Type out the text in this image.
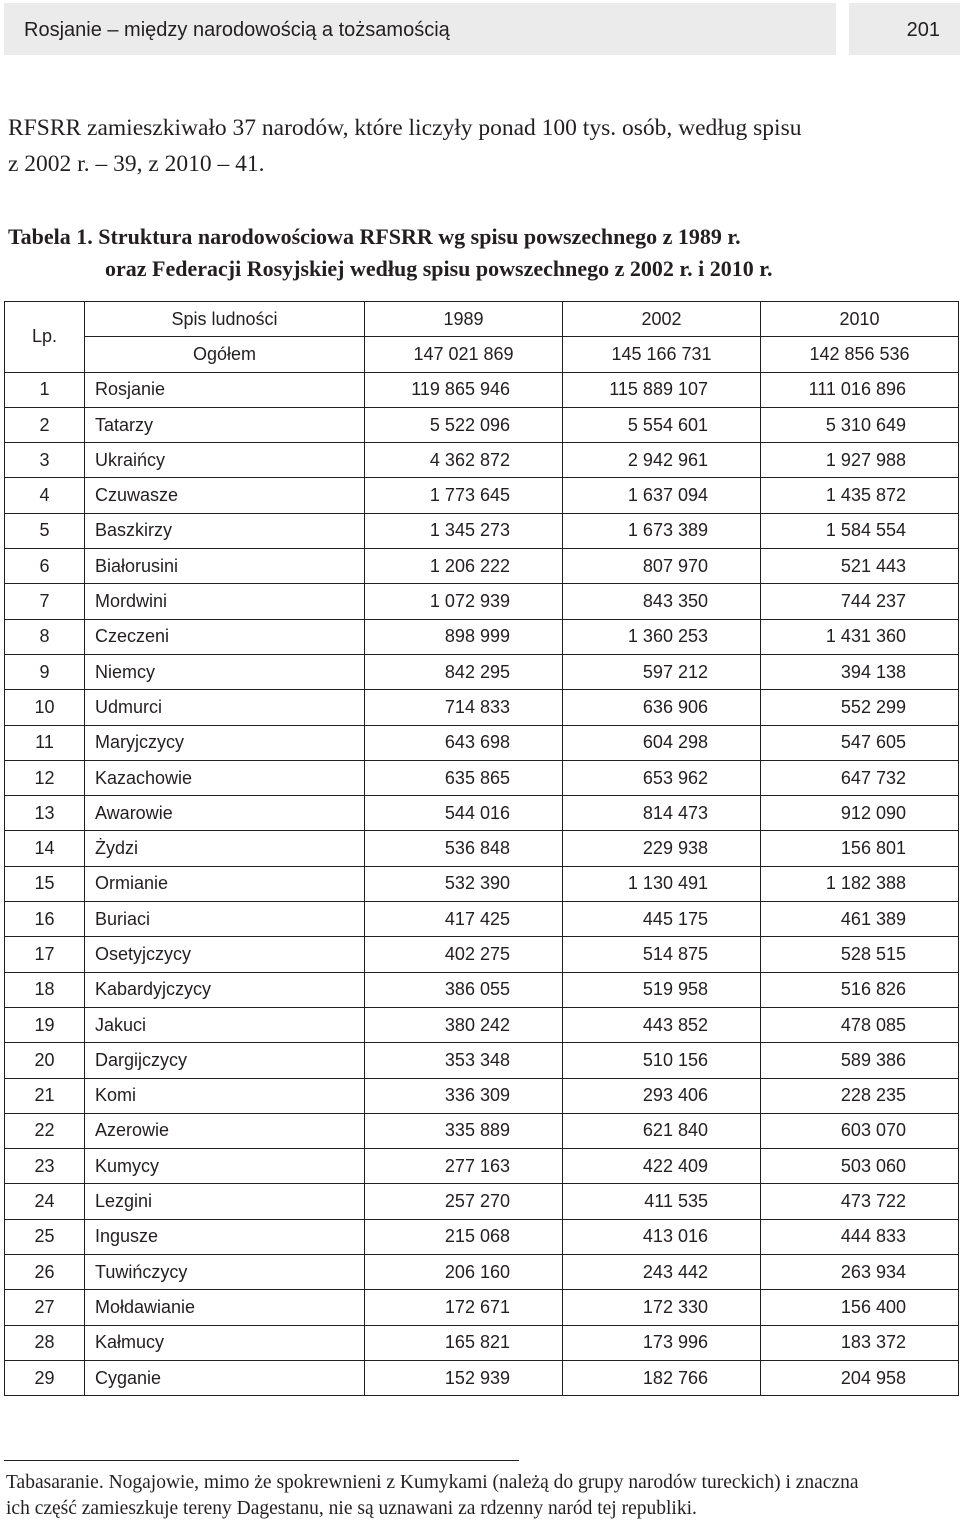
Rosjanie – między narodowością a tożsamością	201
RFSRR zamieszkiwało 37 narodów, które liczyły ponad 100 tys. osób, według spisu
z 2002 r. – 39, z 2010 – 41.
Tabela 1. Struktura narodowościowa RFSRR wg spisu powszechnego z 1989 r.
oraz Federacji Rosyjskiej według spisu powszechnego z 2002 r. i 2010 r.
Lp.	Spis ludności	1989	2002	2010
	Ogółem	147 021 869	145 166 731	142 856 536
1	Rosjanie	119 865 946	115 889 107	111 016 896
2	Tatarzy	5 522 096	5 554 601	5 310 649
3	Ukraińcy	4 362 872	2 942 961	1 927 988
4	Czuwasze	1 773 645	1 637 094	1 435 872
5	Baszkirzy	1 345 273	1 673 389	1 584 554
6	Białorusini	1 206 222	807 970	521 443
7	Mordwini	1 072 939	843 350	744 237
8	Czeczeni	898 999	1 360 253	1 431 360
9	Niemcy	842 295	597 212	394 138
10	Udmurci	714 833	636 906	552 299
11	Maryjczycy	643 698	604 298	547 605
12	Kazachowie	635 865	653 962	647 732
13	Awarowie	544 016	814 473	912 090
14	Żydzi	536 848	229 938	156 801
15	Ormianie	532 390	1 130 491	1 182 388
16	Buriaci	417 425	445 175	461 389
17	Osetyjczycy	402 275	514 875	528 515
18	Kabardyjczycy	386 055	519 958	516 826
19	Jakuci	380 242	443 852	478 085
20	Dargijczycy	353 348	510 156	589 386
21	Komi	336 309	293 406	228 235
22	Azerowie	335 889	621 840	603 070
23	Kumycy	277 163	422 409	503 060
24	Lezgini	257 270	411 535	473 722
25	Ingusze	215 068	413 016	444 833
26	Tuwińczycy	206 160	243 442	263 934
27	Mołdawianie	172 671	172 330	156 400
28	Kałmucy	165 821	173 996	183 372
29	Cyganie	152 939	182 766	204 958
Tabasaranie. Nogajowie, mimo że spokrewnieni z Kumykami (należą do grupy narodów tureckich) i znaczna
ich część zamieszkuje tereny Dagestanu, nie są uznawani za rdzenny naród tej republiki.
